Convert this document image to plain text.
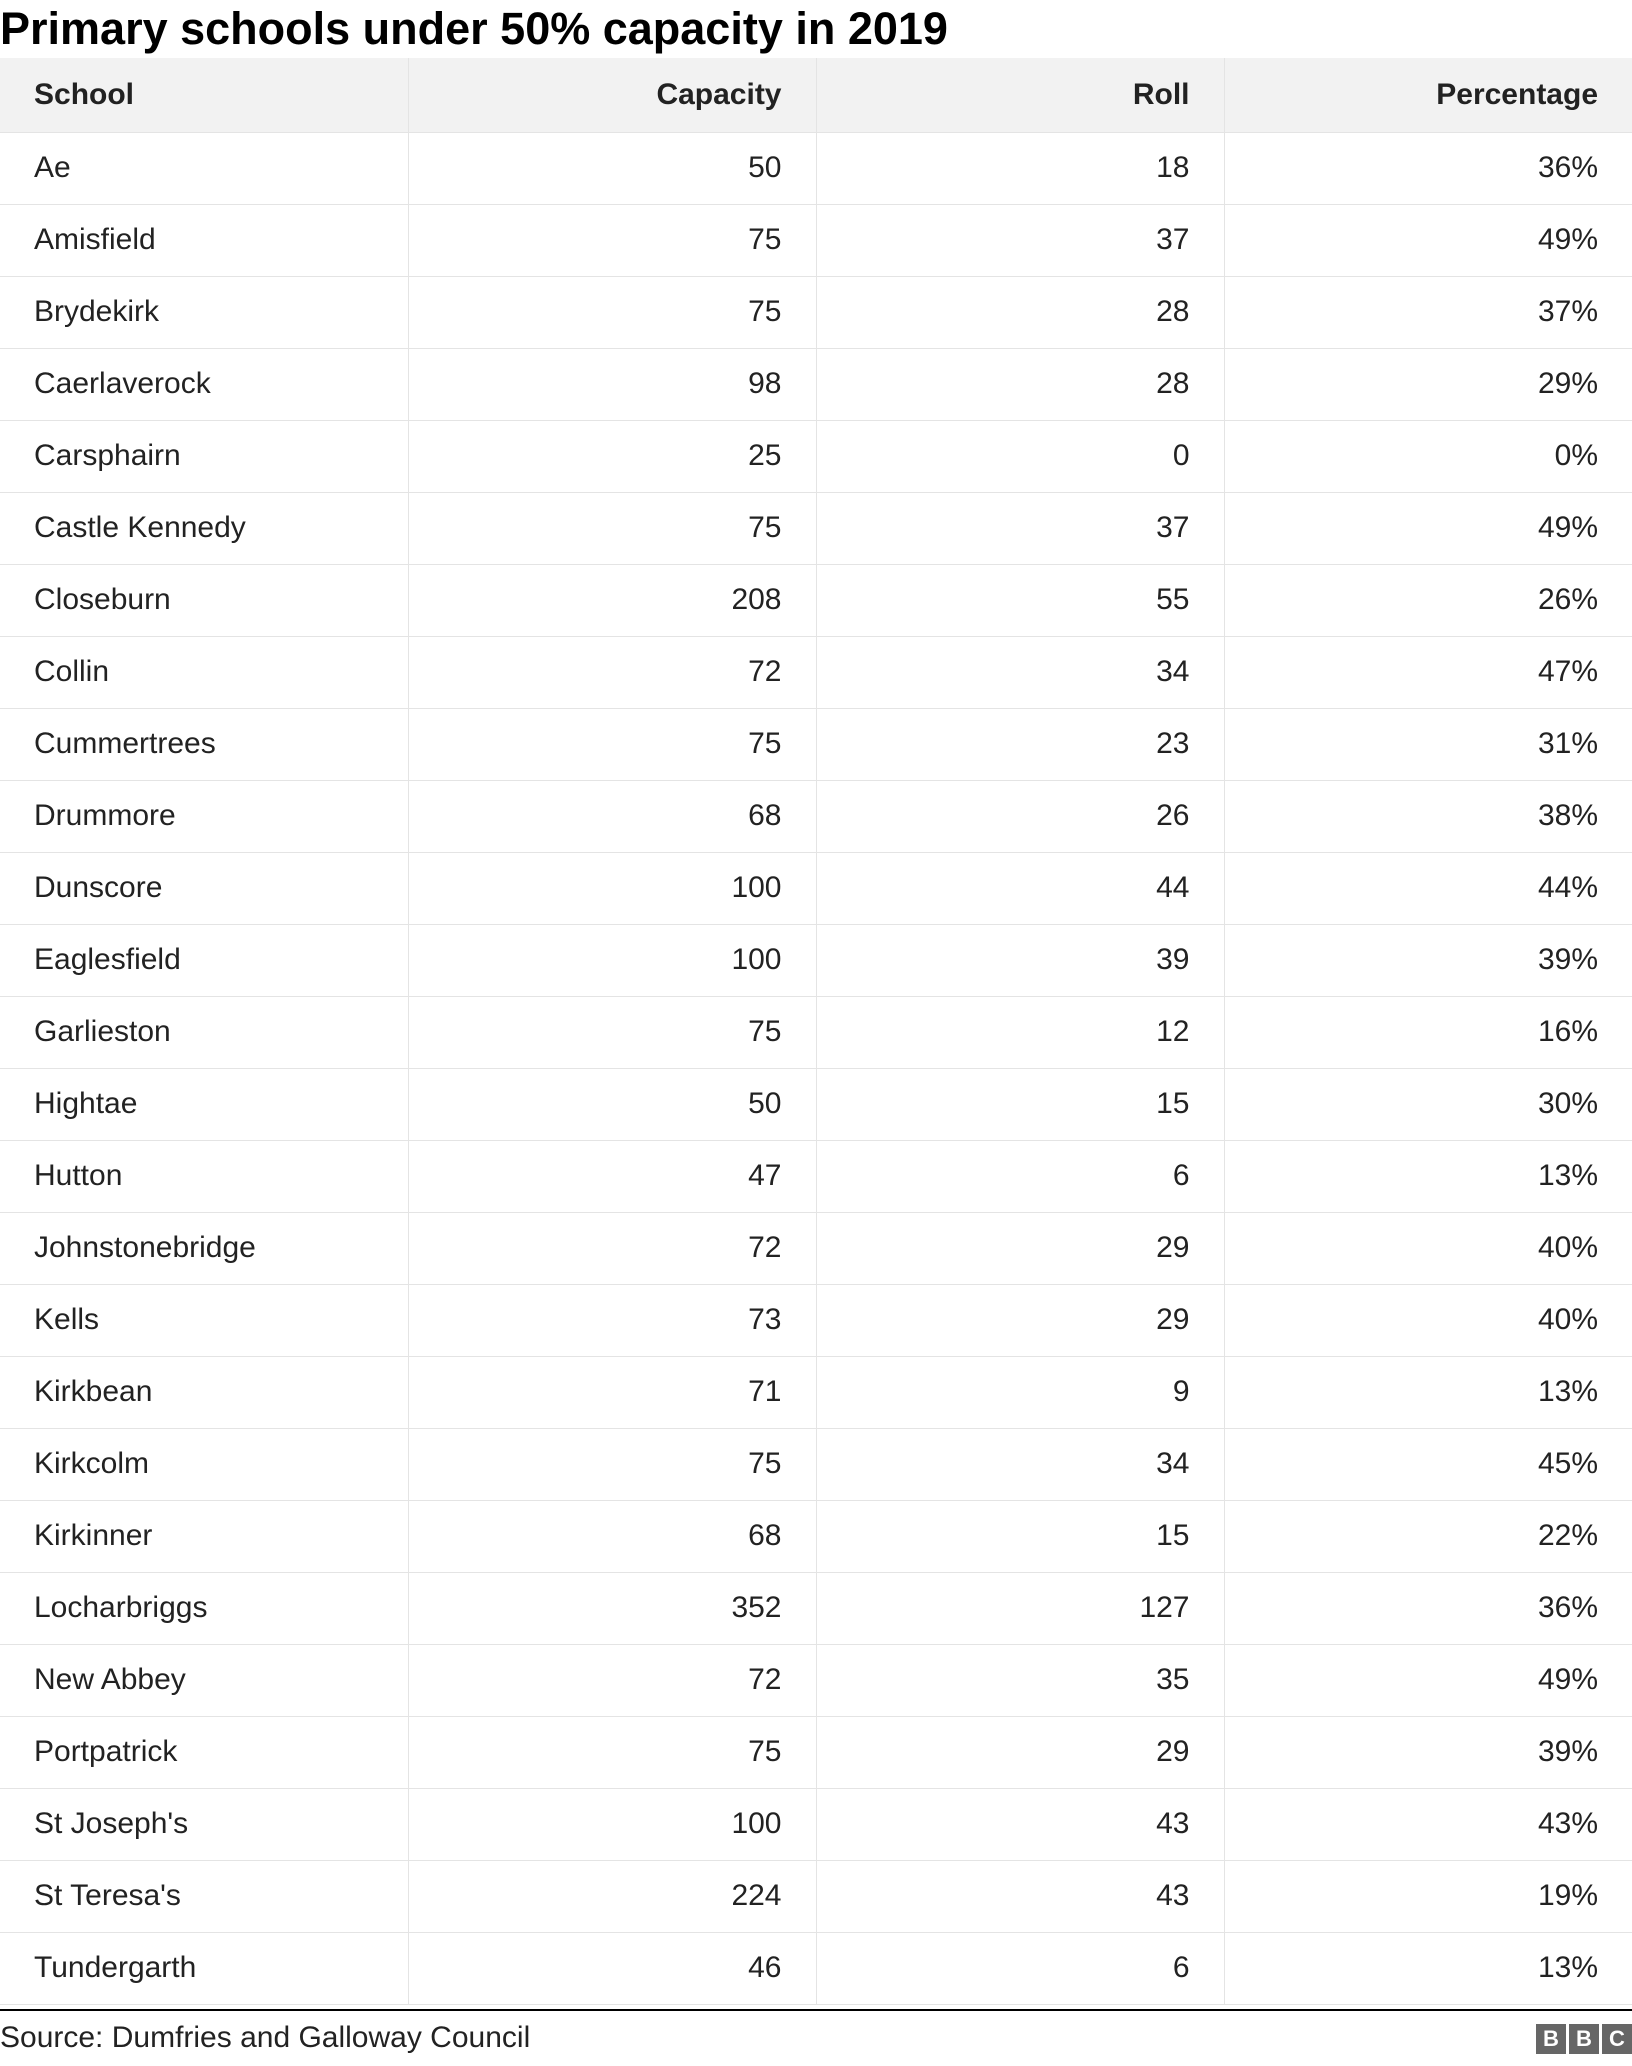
Primary schools under 50% capacity in 2019
School	Capacity	Roll	Percentage
Ae	50	18	36%
Amisfield	75	37	49%
Brydekirk	75	28	37%
Caerlaverock	98	28	29%
Carsphairn	25	0	0%
Castle Kennedy	75	37	49%
Closeburn	208	55	26%
Collin	72	34	47%
Cummertrees	75	23	31%
Drummore	68	26	38%
Dunscore	100	44	44%
Eaglesfield	100	39	39%
Garlieston	75	12	16%
Hightae	50	15	30%
Hutton	47	6	13%
Johnstonebridge	72	29	40%
Kells	73	29	40%
Kirkbean	71	9	13%
Kirkcolm	75	34	45%
Kirkinner	68	15	22%
Locharbriggs	352	127	36%
New Abbey	72	35	49%
Portpatrick	75	29	39%
St Joseph's	100	43	43%
St Teresa's	224	43	19%
Tundergarth	46	6	13%
Source: Dumfries and Galloway Council	B B C
